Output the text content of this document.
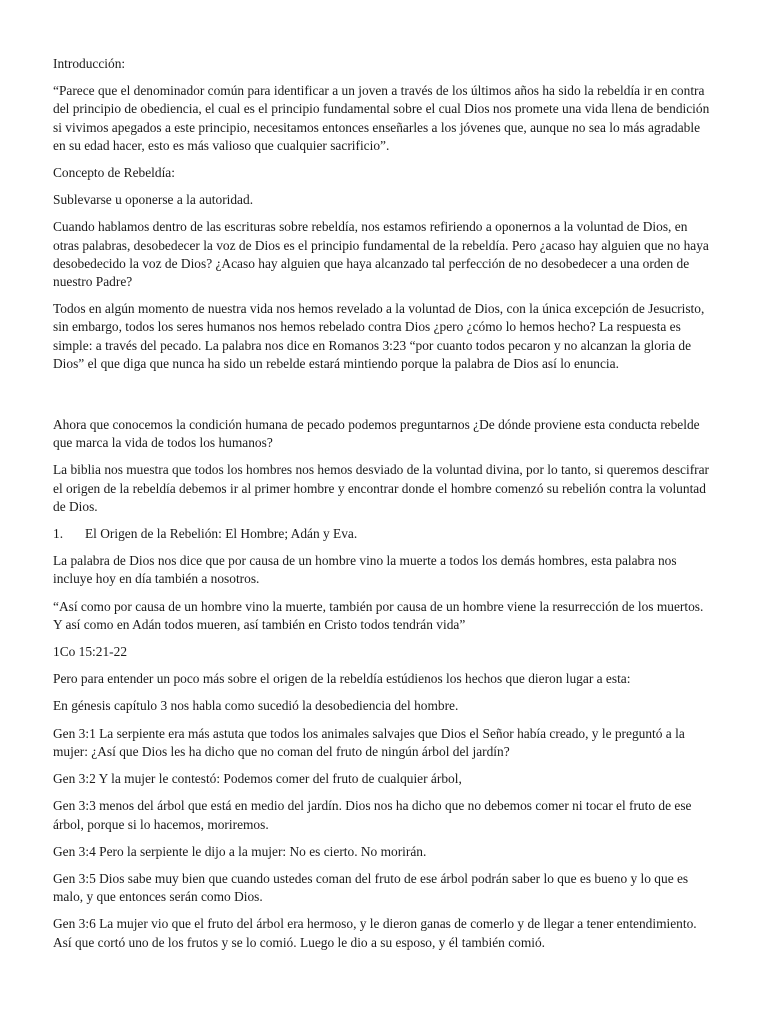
Introducción:

“Parece que el denominador común para identificar a un joven a través de los últimos años ha sido la rebeldía ir en contra del principio de obediencia, el cual es el principio fundamental sobre el cual Dios nos promete una vida llena de bendición si vivimos apegados a este principio, necesitamos entonces enseñarles a los jóvenes que, aunque no sea lo más agradable en su edad hacer, esto es más valioso que cualquier sacrificio”.

Concepto de Rebeldía:

Sublevarse u oponerse a la autoridad.

Cuando hablamos dentro de las escrituras sobre rebeldía, nos estamos refiriendo a oponernos a la voluntad de Dios, en otras palabras, desobedecer la voz de Dios es el principio fundamental de la rebeldía. Pero ¿acaso hay alguien que no haya desobedecido la voz de Dios? ¿Acaso hay alguien que haya alcanzado tal perfección de no desobedecer a una orden de nuestro Padre?

Todos en algún momento de nuestra vida nos hemos revelado a la voluntad de Dios, con la única excepción de Jesucristo, sin embargo, todos los seres humanos nos hemos rebelado contra Dios ¿pero ¿cómo lo hemos hecho? La respuesta es simple: a través del pecado. La palabra nos dice en Romanos 3:23 “por cuanto todos pecaron y no alcanzan la gloria de Dios” el que diga que nunca ha sido un rebelde estará mintiendo porque la palabra de Dios así lo enuncia.

Ahora que conocemos la condición humana de pecado podemos preguntarnos ¿De dónde proviene esta conducta rebelde que marca la vida de todos los humanos?

La biblia nos muestra que todos los hombres nos hemos desviado de la voluntad divina, por lo tanto, si queremos descifrar el origen de la rebeldía debemos ir al primer hombre y encontrar donde el hombre comenzó su rebelión contra la voluntad de Dios.

1.	El Origen de la Rebelión: El Hombre; Adán y Eva.

La palabra de Dios nos dice que por causa de un hombre vino la muerte a todos los demás hombres, esta palabra nos incluye hoy en día también a nosotros.

“Así como por causa de un hombre vino la muerte, también por causa de un hombre viene la resurrección de los muertos. Y así como en Adán todos mueren, así también en Cristo todos tendrán vida”

1Co 15:21-22

Pero para entender un poco más sobre el origen de la rebeldía estúdienos los hechos que dieron lugar a esta:

En génesis capítulo 3 nos habla como sucedió la desobediencia del hombre.

Gen 3:1 La serpiente era más astuta que todos los animales salvajes que Dios el Señor había creado, y le preguntó a la mujer: ¿Así que Dios les ha dicho que no coman del fruto de ningún árbol del jardín?

Gen 3:2 Y la mujer le contestó: Podemos comer del fruto de cualquier árbol,

Gen 3:3 menos del árbol que está en medio del jardín. Dios nos ha dicho que no debemos comer ni tocar el fruto de ese árbol, porque si lo hacemos, moriremos.

Gen 3:4 Pero la serpiente le dijo a la mujer: No es cierto. No morirán.

Gen 3:5 Dios sabe muy bien que cuando ustedes coman del fruto de ese árbol podrán saber lo que es bueno y lo que es malo, y que entonces serán como Dios.

Gen 3:6 La mujer vio que el fruto del árbol era hermoso, y le dieron ganas de comerlo y de llegar a tener entendimiento. Así que cortó uno de los frutos y se lo comió. Luego le dio a su esposo, y él también comió.
